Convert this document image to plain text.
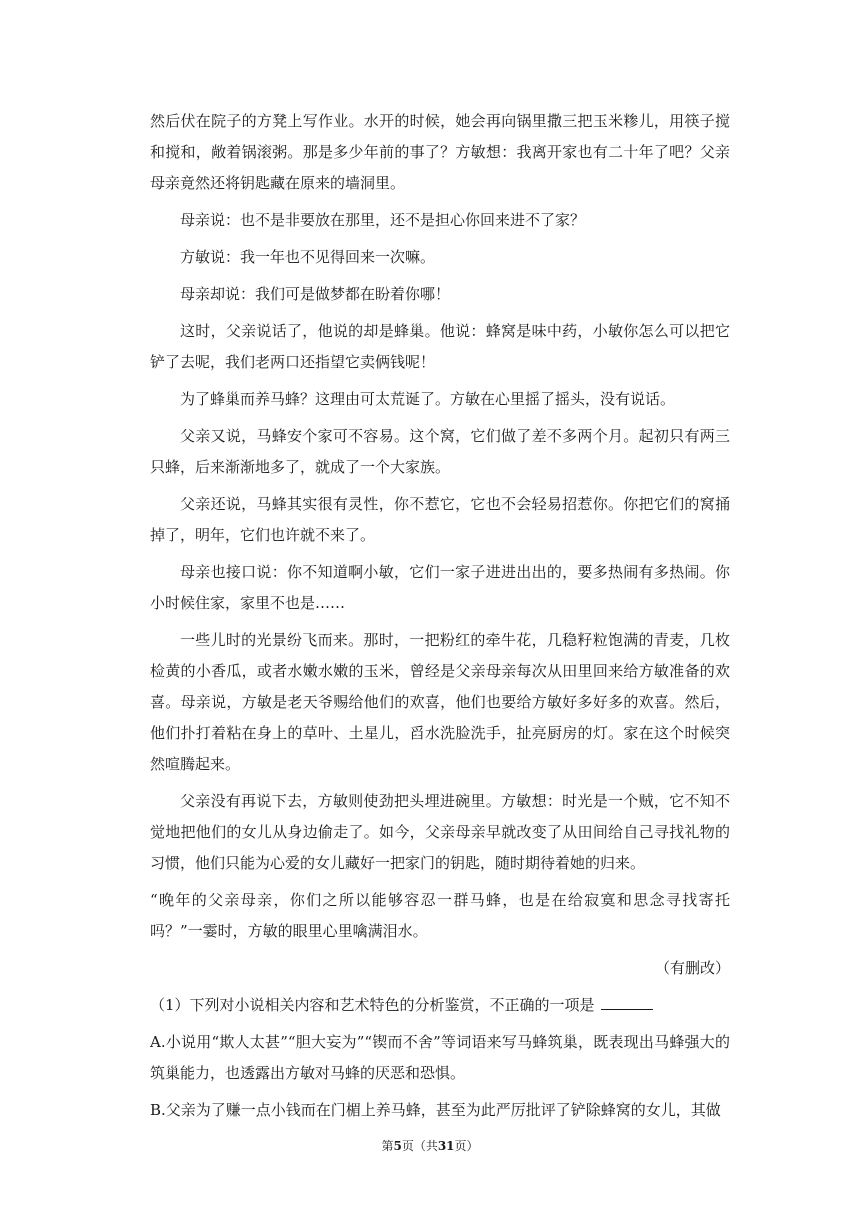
然后伏在院子的方凳上写作业。水开的时候，她会再向锅里撒三把玉米糁儿，用筷子搅和搅和，敞着锅滚粥。那是多少年前的事了？方敏想：我离开家也有二十年了吧？父亲母亲竟然还将钥匙藏在原来的墙洞里。

母亲说：也不是非要放在那里，还不是担心你回来进不了家？

方敏说：我一年也不见得回来一次嘛。

母亲却说：我们可是做梦都在盼着你哪！

这时，父亲说话了，他说的却是蜂巢。他说：蜂窝是味中药，小敏你怎么可以把它铲了去呢，我们老两口还指望它卖俩钱呢！

为了蜂巢而养马蜂？这理由可太荒诞了。方敏在心里摇了摇头，没有说话。

父亲又说，马蜂安个家可不容易。这个窝，它们做了差不多两个月。起初只有两三只蜂，后来渐渐地多了，就成了一个大家族。

父亲还说，马蜂其实很有灵性，你不惹它，它也不会轻易招惹你。你把它们的窝捅掉了，明年，它们也许就不来了。

母亲也接口说：你不知道啊小敏，它们一家子进进出出的，要多热闹有多热闹。你小时候住家，家里不也是……

一些儿时的光景纷飞而来。那时，一把粉红的牵牛花，几稳籽粒饱满的青麦，几枚检黄的小香瓜，或者水嫩水嫩的玉米，曾经是父亲母亲每次从田里回来给方敏准备的欢喜。母亲说，方敏是老天爷赐给他们的欢喜，他们也要给方敏好多好多的欢喜。然后，他们扑打着粘在身上的草叶、土星儿，舀水洗脸洗手，扯亮厨房的灯。家在这个时候突然喧腾起来。

父亲没有再说下去，方敏则使劲把头埋进碗里。方敏想：时光是一个贼，它不知不觉地把他们的女儿从身边偷走了。如今，父亲母亲早就改变了从田间给自己寻找礼物的习惯，他们只能为心爱的女儿藏好一把家门的钥匙，随时期待着她的归来。

“晚年的父亲母亲，你们之所以能够容忍一群马蜂，也是在给寂寞和思念寻找寄托吗？”一霎时，方敏的眼里心里噙满泪水。

（有删改）

（1）下列对小说相关内容和艺术特色的分析鉴赏，不正确的一项是

A.小说用“欺人太甚”“胆大妄为”“锲而不舍”等词语来写马蜂筑巢，既表现出马蜂强大的筑巢能力，也透露出方敏对马蜂的厌恶和恐惧。

B.父亲为了赚一点小钱而在门楣上养马蜂，甚至为此严厉批评了铲除蜂窝的女儿，其做

第5页（共31页）
